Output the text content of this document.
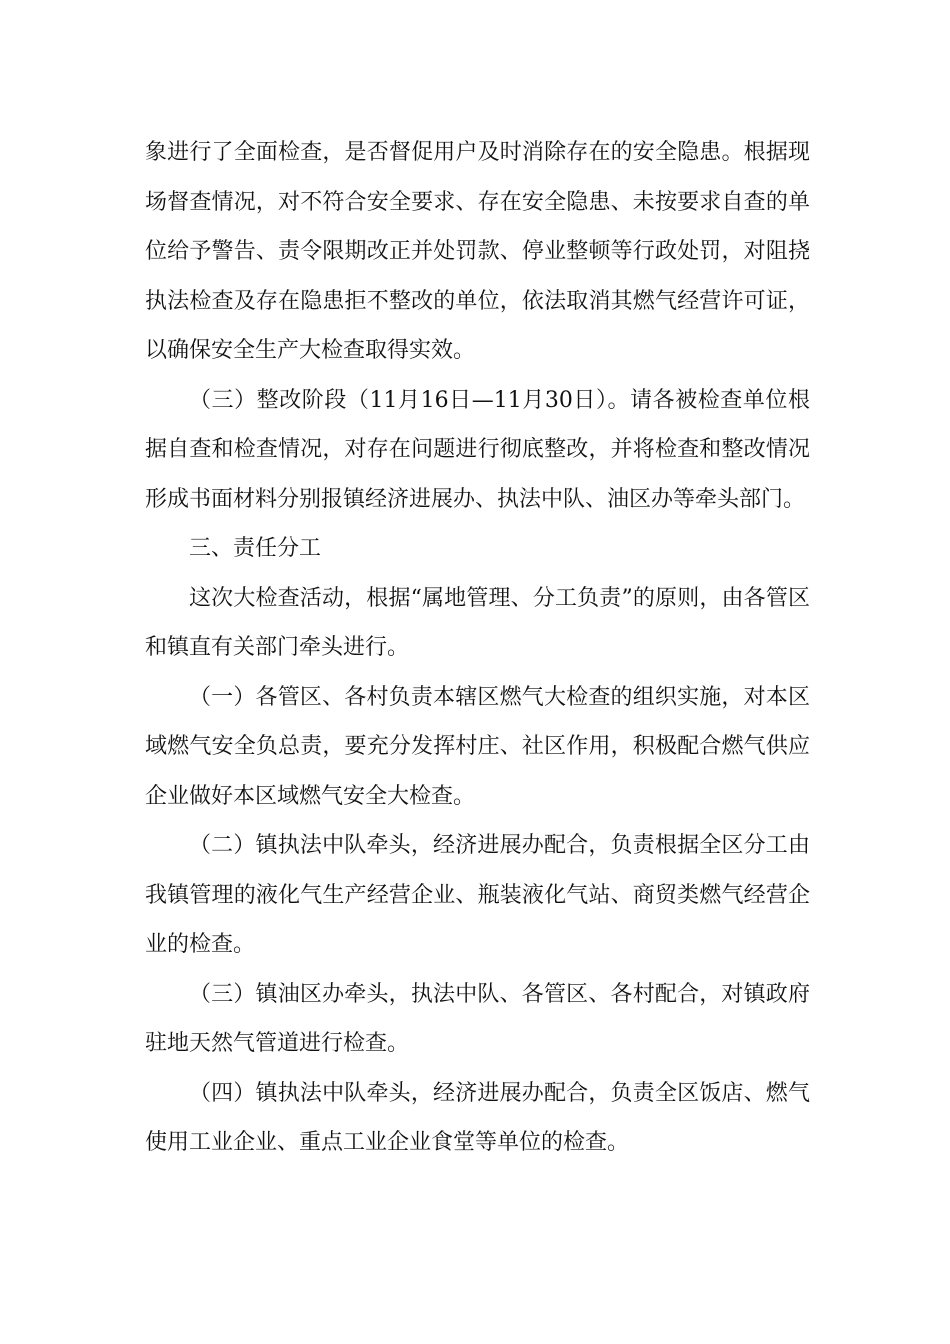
象进行了全面检查，是否督促用户及时消除存在的安全隐患。根据现场督查情况，对不符合安全要求、存在安全隐患、未按要求自查的单位给予警告、责令限期改正并处罚款、停业整顿等行政处罚，对阻挠执法检查及存在隐患拒不整改的单位，依法取消其燃气经营许可证，以确保安全生产大检查取得实效。

（三）整改阶段（11月16日—11月30日）。请各被检查单位根据自查和检查情况，对存在问题进行彻底整改，并将检查和整改情况形成书面材料分别报镇经济进展办、执法中队、油区办等牵头部门。

三、责任分工

这次大检查活动，根据“属地管理、分工负责”的原则，由各管区和镇直有关部门牵头进行。

（一）各管区、各村负责本辖区燃气大检查的组织实施，对本区域燃气安全负总责，要充分发挥村庄、社区作用，积极配合燃气供应企业做好本区域燃气安全大检查。

（二）镇执法中队牵头，经济进展办配合，负责根据全区分工由我镇管理的液化气生产经营企业、瓶装液化气站、商贸类燃气经营企业的检查。

（三）镇油区办牵头，执法中队、各管区、各村配合，对镇政府驻地天然气管道进行检查。

（四）镇执法中队牵头，经济进展办配合，负责全区饭店、燃气使用工业企业、重点工业企业食堂等单位的检查。
